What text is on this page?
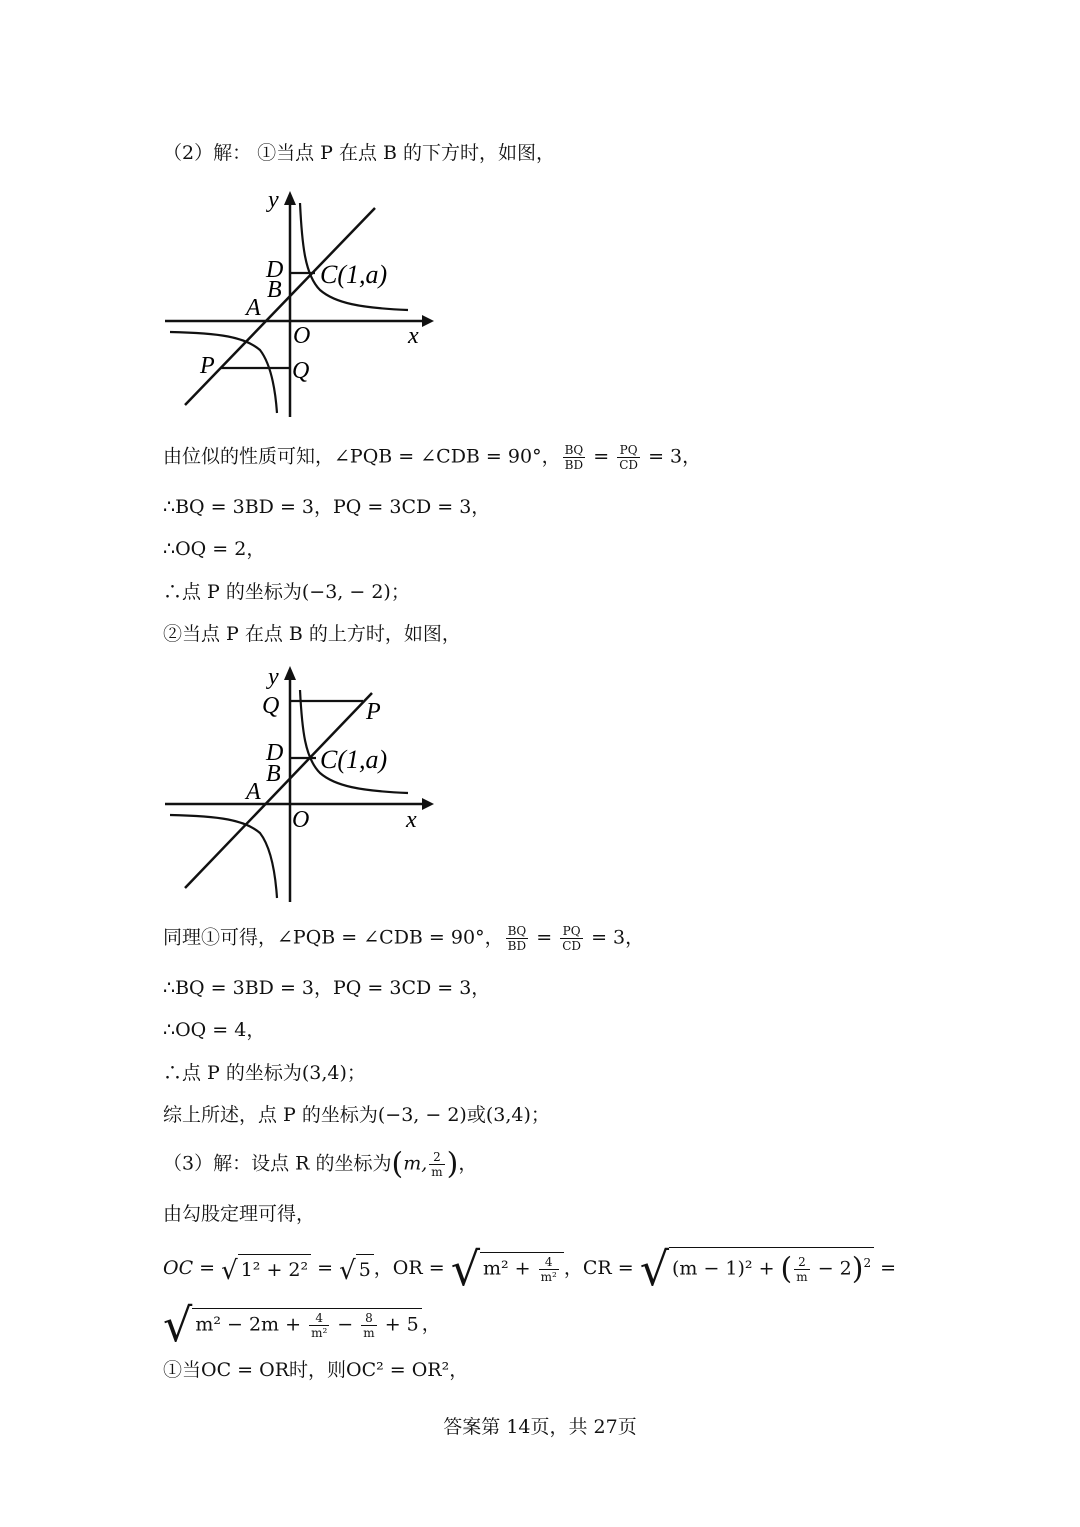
（2）解： ①当点 P 在点 B 的下方时，如图，
y
x
O
D
B
A
C(1,a)
P	Q
由位似的性质可知，∠PQB = ∠CDB = 90°， $\frac{BQ}{BD} = \frac{PQ}{CD} = 3$，
∴BQ = 3BD = 3，PQ = 3CD = 3，
∴OQ = 2，
∴点 P 的坐标为(−3, − 2)；
②当点 P 在点 B 的上方时，如图，
y
x
O
Q	P
D
B
A
C(1,a)
同理①可得，∠PQB = ∠CDB = 90°， $\frac{BQ}{BD} = \frac{PQ}{CD} = 3$，
∴BQ = 3BD = 3，PQ = 3CD = 3，
∴OQ = 4，
∴点 P 的坐标为(3,4)；
综上所述，点 P 的坐标为(−3, − 2)或(3,4)；
（3）解：设点 R 的坐标为(m, $\frac{2}{m}$ )，
由勾股定理可得，
OC = √ 1² + 2² = √ 5 ，OR = √ $m^2 + \frac{4}{\text{m²}}$ ，CR = √ (m − 1)² + ( $\frac{2}{m} - 2)^2$ =
√ $m^2 - 2m + \frac{4}{\text{m²}} - \frac{8}{m} + 5$ ，
①当OC = OR时，则OC² = OR²，
答案第 14页，共 27页
